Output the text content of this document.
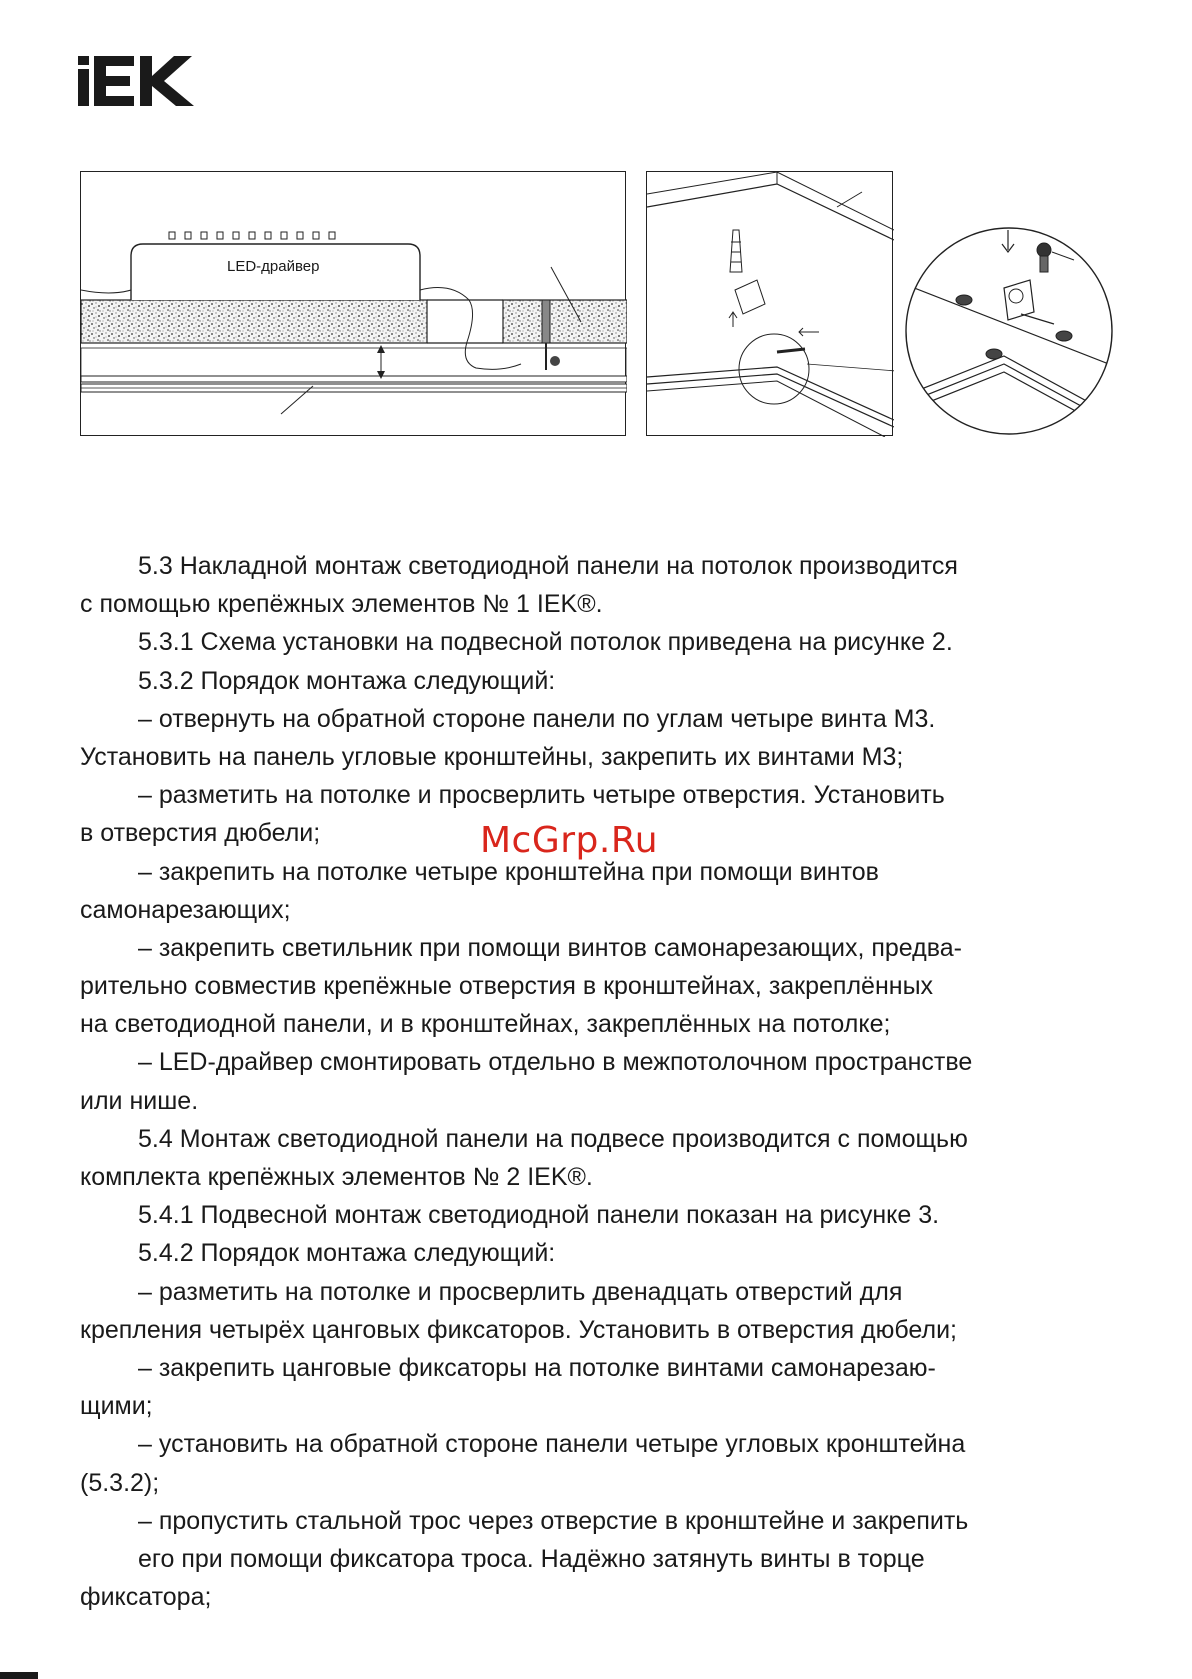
LED-драйвер
McGrp.Ru
5.3 Накладной монтаж светодиодной панели на потолок производится
с помощью крепёжных элементов № 1 IEK®.
5.3.1 Схема установки на подвесной потолок приведена на рисунке 2.
5.3.2 Порядок монтажа следующий:
– отвернуть на обратной стороне панели по углам четыре винта М3.
Установить на панель угловые кронштейны, закрепить их винтами М3;
– разметить на потолке и просверлить четыре отверстия. Установить
в отверстия дюбели;
– закрепить на потолке четыре кронштейна при помощи винтов
самонарезающих;
– закрепить светильник при помощи винтов самонарезающих, предва-
рительно совместив крепёжные отверстия в кронштейнах, закреплённых
на светодиодной панели, и в кронштейнах, закреплённых на потолке;
– LED-драйвер смонтировать отдельно в межпотолочном пространстве
или нише.
5.4 Монтаж светодиодной панели на подвесе производится с помощью
комплекта крепёжных элементов № 2 IEK®.
5.4.1 Подвесной монтаж светодиодной панели показан на рисунке 3.
5.4.2 Порядок монтажа следующий:
– разметить на потолке и просверлить двенадцать отверстий для
крепления четырёх цанговых фиксаторов. Установить в отверстия дюбели;
– закрепить цанговые фиксаторы на потолке винтами самонарезаю-
щими;
– установить на обратной стороне панели четыре угловых кронштейна
(5.3.2);
– пропустить стальной трос через отверстие в кронштейне и закрепить
его при помощи фиксатора троса. Надёжно затянуть винты в торце
фиксатора;
